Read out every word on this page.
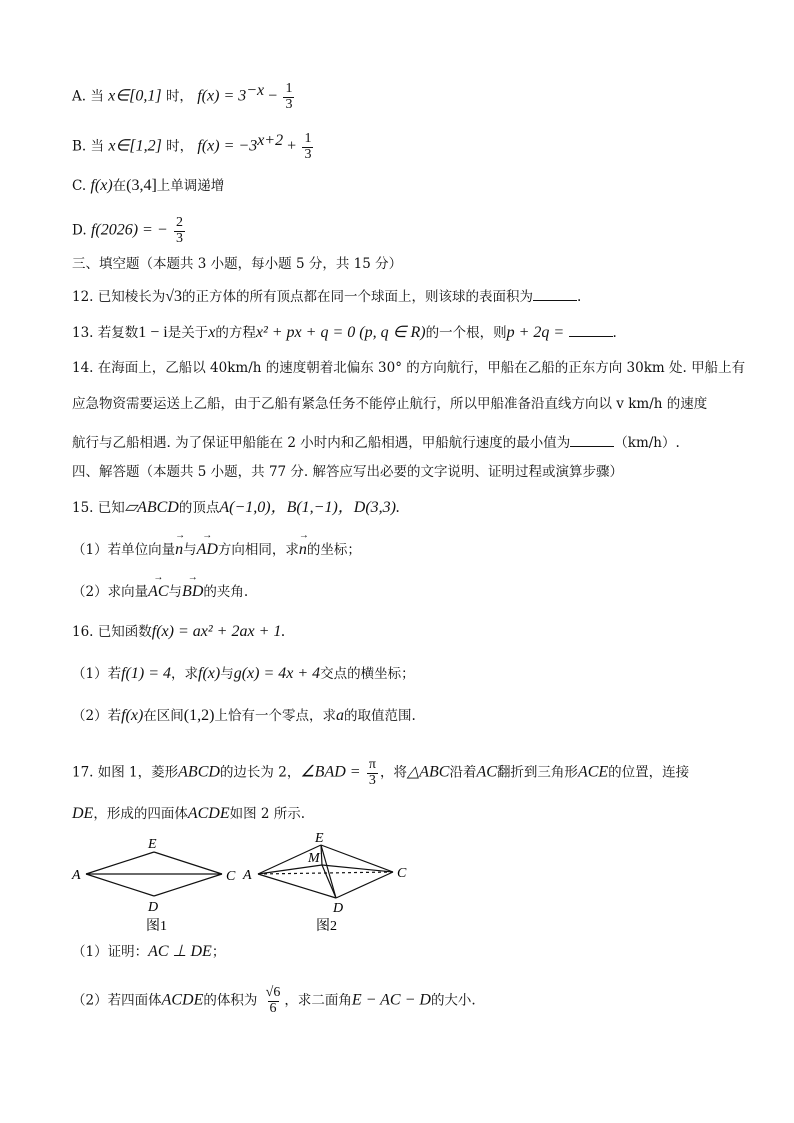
A. 当 x∈[0,1] 时， $f(x) = 3^{-x} - \frac{1}{3}$
B. 当 x∈[1,2] 时， $f(x) = -3^{x+2} + \frac{1}{3}$
C. f(x)在(3,4]上单调递增
D. f(2026) = − $\frac{2}{3}$
三、填空题（本题共 3 小题，每小题 5 分，共 15 分）
12. 已知棱长为√3的正方体的所有顶点都在同一个球面上，则该球的表面积为	.
13. 若复数1 − i是关于x的方程x² + px + q = 0 (p, q ∈ R)的一个根，则p + 2q =	.
14. 在海面上，乙船以 40km/h 的速度朝着北偏东 30° 的方向航行，甲船在乙船的正东方向 30km 处. 甲船上有
应急物资需要运送上乙船，由于乙船有紧急任务不能停止航行，所以甲船准备沿直线方向以 v km/h 的速度
航行与乙船相遇. 为了保证甲船能在 2 小时内和乙船相遇，甲船航行速度的最小值为	（km/h）.
四、解答题（本题共 5 小题，共 77 分. 解答应写出必要的文字说明、证明过程或演算步骤）
15. 已知▱ABCD的顶点A(−1,0)，B(1,−1)，D(3,3).
（1）若单位向量→ n与→ AD方向相同，求→ n的坐标；
（2）求向量→ AC与→ BD的夹角.
16. 已知函数f(x) = ax² + 2ax + 1.
（1）若f(1) = 4，求f(x)与g(x) = 4x + 4交点的横坐标；
（2）若f(x)在区间(1,2)上恰有一个零点，求a的取值范围.
17. 如图 1，菱形ABCD的边长为 2，∠BAD = $\frac{\pi}{3}$ ，将△ABC沿着AC翻折到三角形ACE的位置，连接
DE，形成的四面体ACDE如图 2 所示.
A
E
C
D
图1
A
E
M
C
D
图2
（1）证明：AC ⊥ DE；
（2）若四面体ACDE的体积为 $\frac{√6}{6}$ ，求二面角E − AC − D的大小.
